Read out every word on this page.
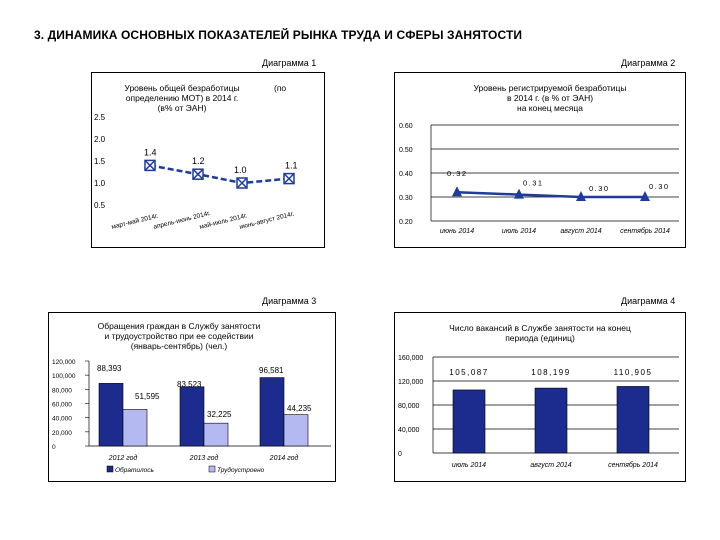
3. ДИНАМИКА ОСНОВНЫХ ПОКАЗАТЕЛЕЙ РЫНКА ТРУДА И СФЕРЫ ЗАНЯТОСТИ
Диаграмма 1	Диаграмма 2
Диаграмма 3	Диаграмма 4
Уровень общей безработицы
определению МОТ) в 2014 г.
(в% от ЭАН)
(по
2.5
2.0
1.5
1.0
0.5
1.4
1.2
1.0	1.1
март-май 2014г.
апрель-июнь 2014г.
май-июль 2014г.
июнь-август 2014г.
Уровень регистрируемой безработицы
в 2014 г. (в % от ЭАН)
на конец месяца
0.60
0.50
0.40
0.30
0.20
0.32
0.31
0.30	0.30
июнь 2014	июль 2014	август 2014	сентябрь 2014
Обращения граждан в Службу занятости
и трудоустройство при ее содействии
(январь-сентябрь) (чел.)
120,000
100,000
80,000
60,000
40,000
20,000
0
88,393
83,523
96,581
51,595
32,225
44,235
2012 год	2013 год	2014 год
Обратилось	Трудоустроено
Число вакансий в Службе занятости на конец
периода (единиц)
160,000
120,000
80,000
40,000
0
105,087
июль 2014
108,199
август 2014
110,905
сентябрь 2014
